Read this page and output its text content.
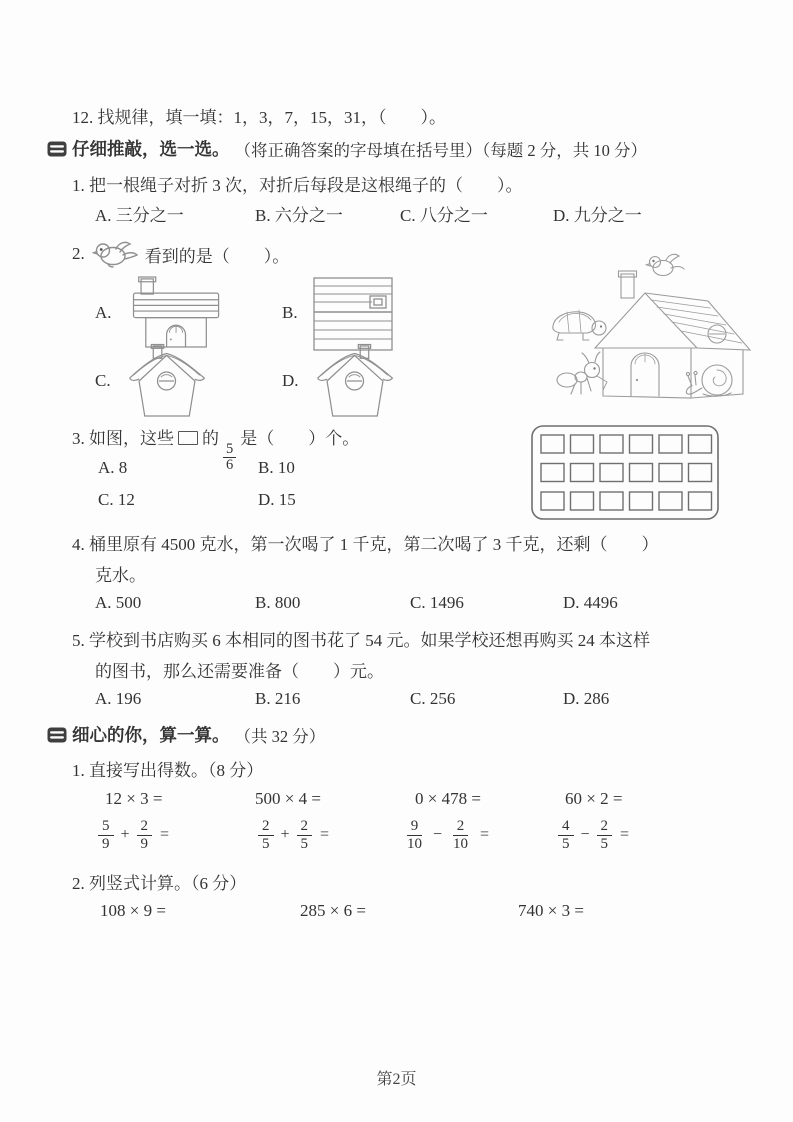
12. 找规律，填一填：1，3，7，15，31，（　　）。
仔细推敲，选一选。 （将正确答案的字母填在括号里）（每题 2 分，共 10 分）
1. 把一根绳子对折 3 次，对折后每段是这根绳子的（　　）。
A. 三分之一	B. 六分之一	C. 八分之一	D. 九分之一
2.	看到的是（　　）。
A.	B.
C.	D.
3. 如图，这些 的
$\frac{5}{6}$
是（　　）个。
A. 8	B. 10
C. 12	D. 15
4. 桶里原有 4500 克水，第一次喝了 1 千克，第二次喝了 3 千克，还剩（　　）
克水。
A. 500	B. 800	C. 1496	D. 4496
5. 学校到书店购买 6 本相同的图书花了 54 元。如果学校还想再购买 24 本这样
的图书，那么还需要准备（　　）元。
A. 196	B. 216	C. 256	D. 286
细心的你，算一算。 （共 32 分）
1. 直接写出得数。（8 分）
12 × 3 =	500 × 4 =	0 × 478 =	60 × 2 =
$\frac{5}{9} + \frac{2}{9}$ =	$\frac{2}{5} + \frac{2}{5}$ =	$\frac{9}{10} - \frac{2}{10}$ =	$\frac{4}{5} - \frac{2}{5}$ =
2. 列竖式计算。（6 分）
108 × 9 =	285 × 6 =	740 × 3 =
第2页
